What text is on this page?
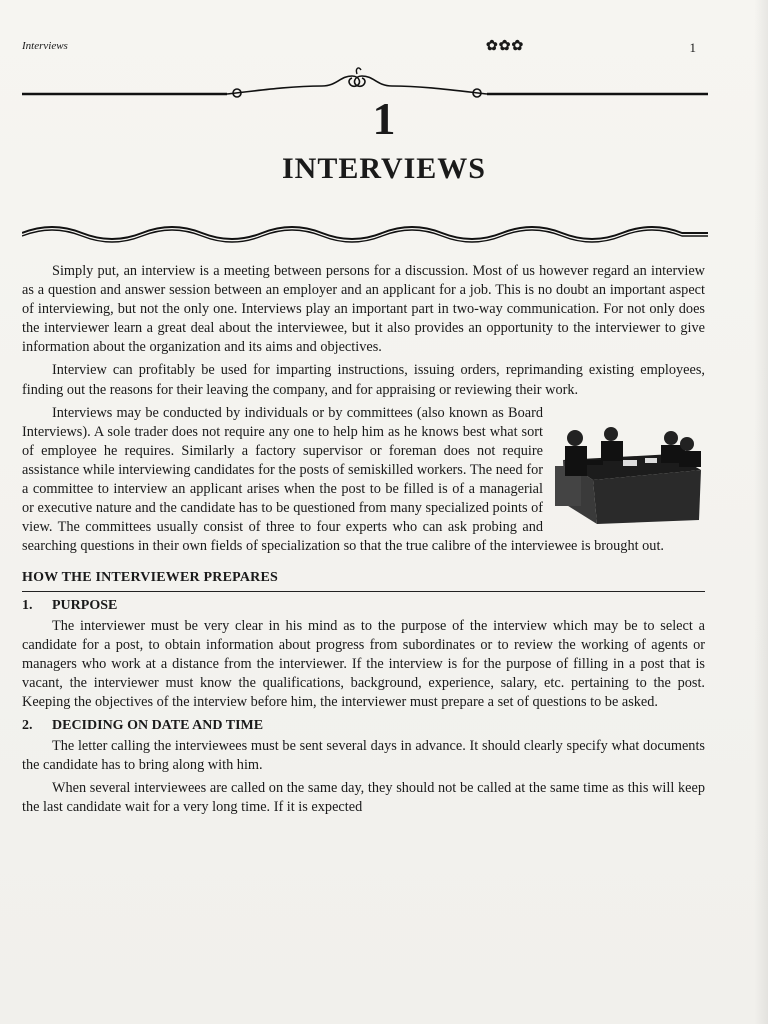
Interviews	✿✿✿	1
1
INTERVIEWS

Simply put, an interview is a meeting between persons for a discussion. Most of us however regard an interview as a question and answer session between an employer and an applicant for a job. This is no doubt an important aspect of interviewing, but not the only one. Interviews play an important part in two-way communication. For not only does the interviewer learn a great deal about the interviewee, but it also provides an opportunity to the interviewer to give information about the organization and its aims and objectives.

Interview can profitably be used for imparting instructions, issuing orders, reprimanding existing employees, finding out the reasons for their leaving the company, and for appraising or reviewing their work.

Interviews may be conducted by individuals or by committees (also known as Board Interviews). A sole trader does not require any one to help him as he knows best what sort of employee he requires. Similarly a factory supervisor or foreman does not require assistance while interviewing candidates for the posts of semiskilled workers. The need for a committee to interview an applicant arises when the post to be filled is of a managerial or executive nature and the candidate has to be questioned from many specialized points of view. The committees usually consist of three to four experts who can ask probing and searching questions in their own fields of specialization so that the true calibre of the interviewee is brought out.

HOW THE INTERVIEWER PREPARES
1. PURPOSE

The interviewer must be very clear in his mind as to the purpose of the interview which may be to select a candidate for a post, to obtain information about progress from subordinates or to review the working of agents or managers who work at a distance from the interviewer. If the interview is for the purpose of filling in a post that is vacant, the interviewer must know the qualifications, background, experience, salary, etc. pertaining to the post. Keeping the objectives of the interview before him, the interviewer must prepare a set of questions to be asked.

2. DECIDING ON DATE AND TIME

The letter calling the interviewees must be sent several days in advance. It should clearly specify what documents the candidate has to bring along with him.

When several interviewees are called on the same day, they should not be called at the same time as this will keep the last candidate wait for a very long time. If it is expected
